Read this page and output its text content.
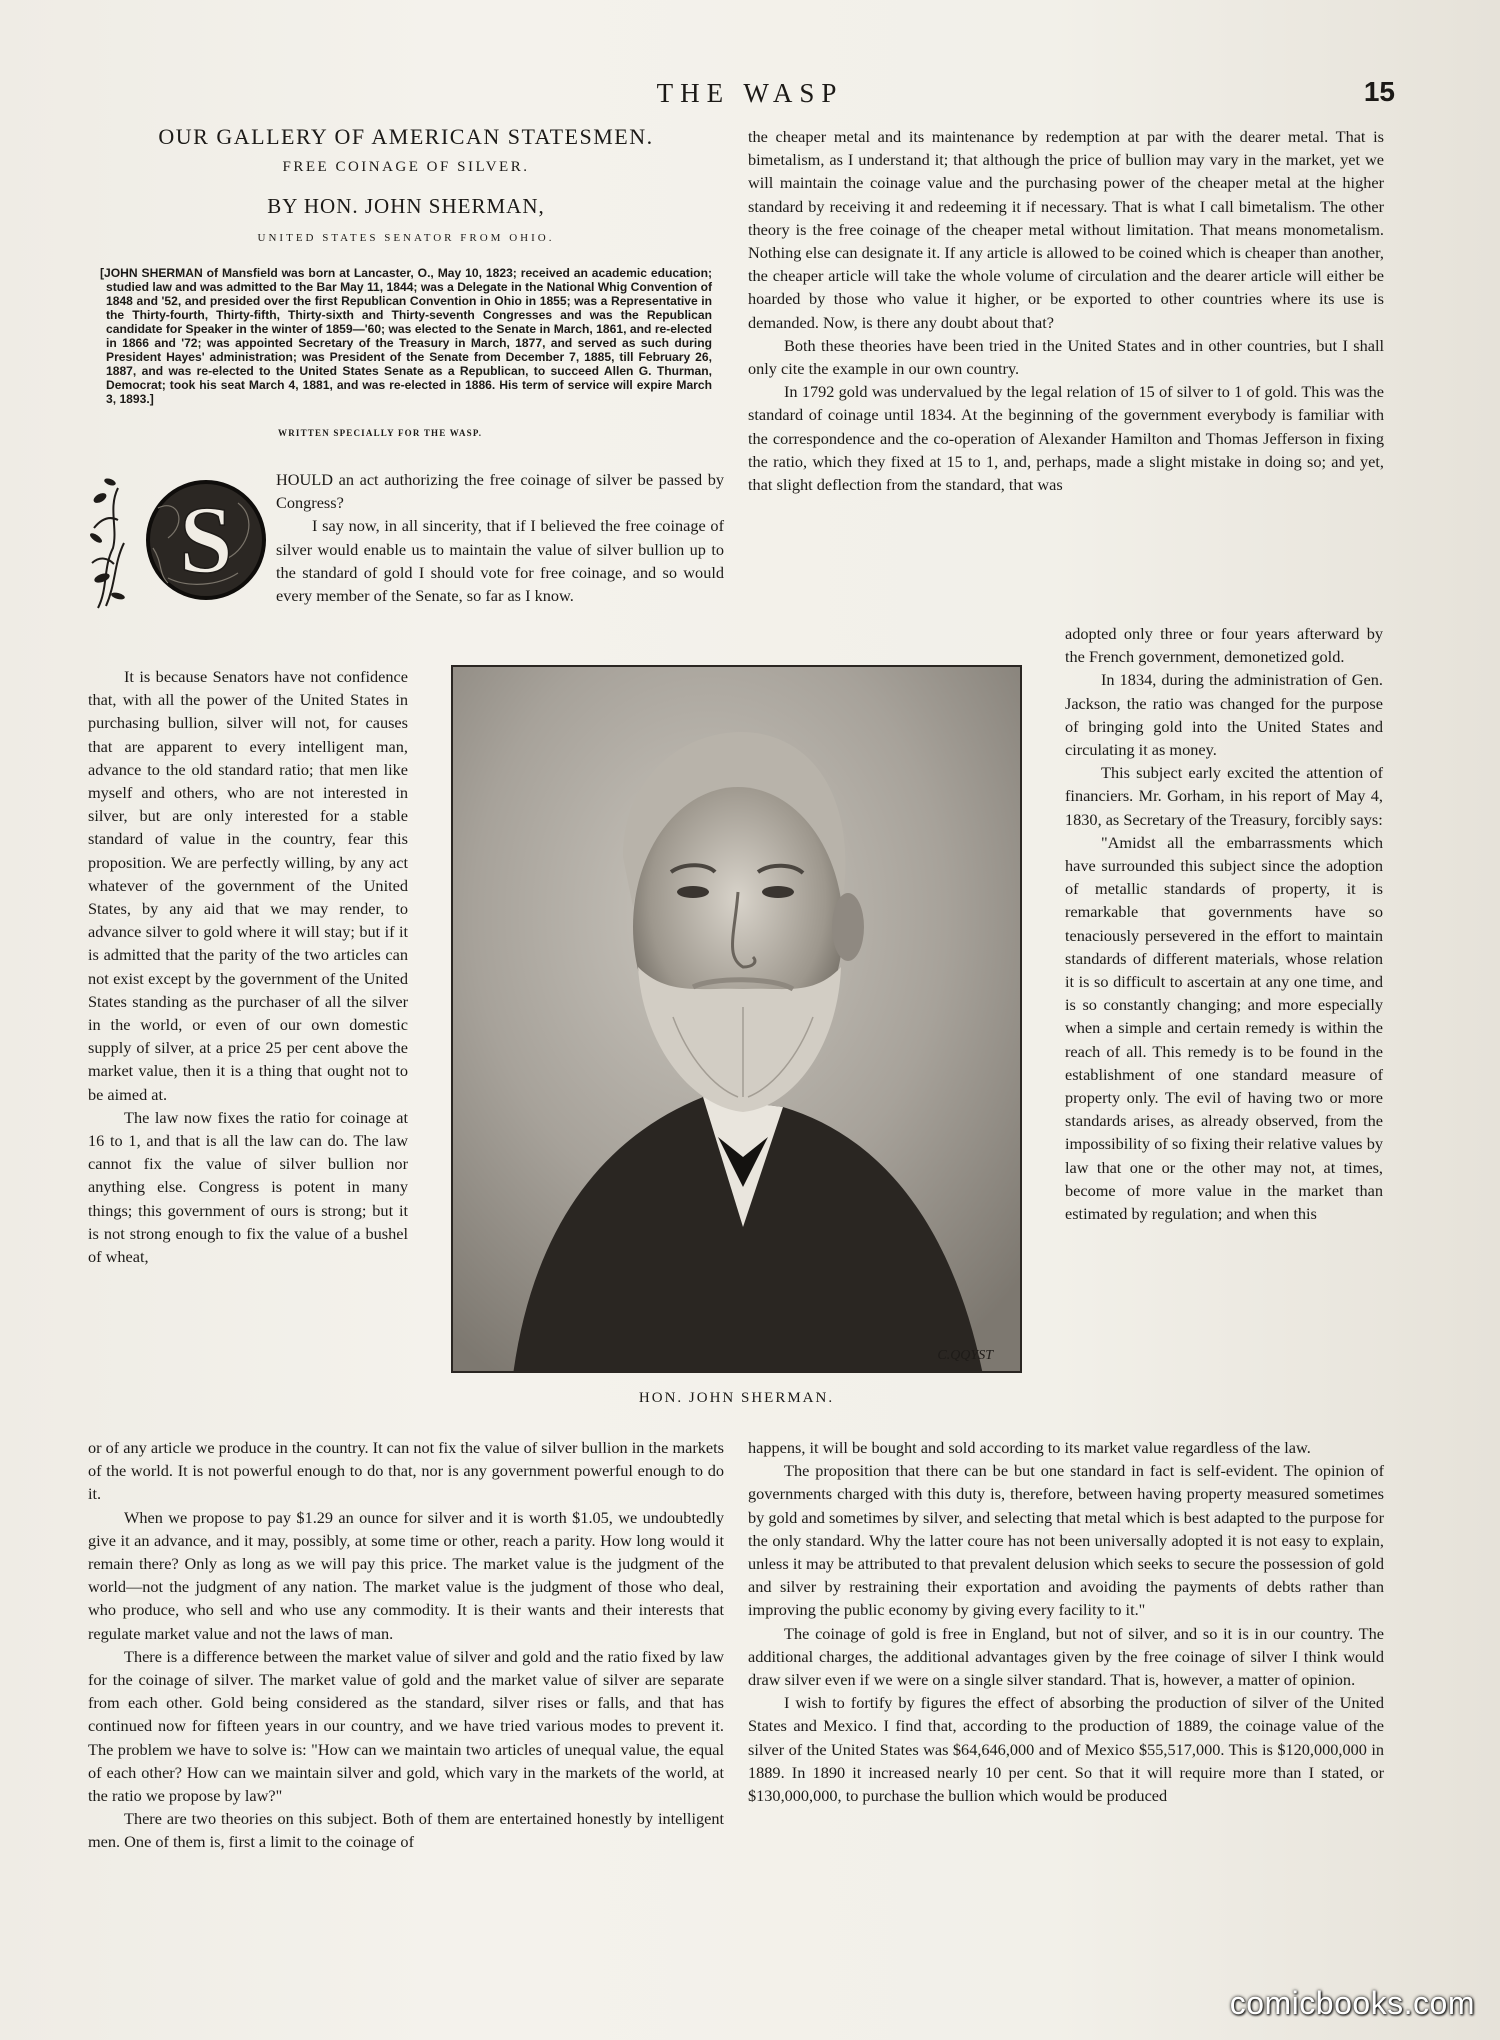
THE WASP	15
OUR GALLERY OF AMERICAN STATESMEN.
FREE COINAGE OF SILVER.
BY HON. JOHN SHERMAN,
UNITED STATES SENATOR FROM OHIO.
[JOHN SHERMAN of Mansfield was born at Lancaster, O., May 10, 1823; received an academic education; studied law and was admitted to the Bar May 11, 1844; was a Delegate in the National Whig Convention of 1848 and '52, and presided over the first Republican Convention in Ohio in 1855; was a Representative in the Thirty-fourth, Thirty-fifth, Thirty-sixth and Thirty-seventh Congresses and was the Republican candidate for Speaker in the winter of 1859—'60; was elected to the Senate in March, 1861, and re-elected in 1866 and '72; was appointed Secretary of the Treasury in March, 1877, and served as such during President Hayes' administration; was President of the Senate from December 7, 1885, till February 26, 1887, and was re-elected to the United States Senate as a Republican, to succeed Allen G. Thurman, Democrat; took his seat March 4, 1881, and was re-elected in 1886. His term of service will expire March 3, 1893.]
WRITTEN SPECIALLY FOR THE WASP.
S

HOULD an act authorizing the free coinage of silver be passed by Congress?

I say now, in all sincerity, that if I believed the free coinage of silver would enable us to maintain the value of silver bullion up to the standard of gold I should vote for free coinage, and so would every member of the Senate, so far as I know.

It is because Senators have not confidence that, with all the power of the United States in purchasing bullion, silver will not, for causes that are apparent to every intelligent man, advance to the old standard ratio; that men like myself and others, who are not interested in silver, but are only interested for a stable standard of value in the country, fear this proposition. We are perfectly willing, by any act whatever of the government of the United States, by any aid that we may render, to advance silver to gold where it will stay; but if it is admitted that the parity of the two articles can not exist except by the government of the United States standing as the purchaser of all the silver in the world, or even of our own domestic supply of silver, at a price 25 per cent above the market value, then it is a thing that ought not to be aimed at.

The law now fixes the ratio for coinage at 16 to 1, and that is all the law can do. The law cannot fix the value of silver bullion nor anything else. Congress is potent in many things; this government of ours is strong; but it is not strong enough to fix the value of a bushel of wheat,

C.QQYST
HON. JOHN SHERMAN.

or of any article we produce in the country. It can not fix the value of silver bullion in the markets of the world. It is not powerful enough to do that, nor is any government powerful enough to do it.

When we propose to pay $1.29 an ounce for silver and it is worth $1.05, we undoubtedly give it an advance, and it may, possibly, at some time or other, reach a parity. How long would it remain there? Only as long as we will pay this price. The market value is the judgment of the world—not the judgment of any nation. The market value is the judgment of those who deal, who produce, who sell and who use any commodity. It is their wants and their interests that regulate market value and not the laws of man.

There is a difference between the market value of silver and gold and the ratio fixed by law for the coinage of silver. The market value of gold and the market value of silver are separate from each other. Gold being considered as the standard, silver rises or falls, and that has continued now for fifteen years in our country, and we have tried various modes to prevent it. The problem we have to solve is: "How can we maintain two articles of unequal value, the equal of each other? How can we maintain silver and gold, which vary in the markets of the world, at the ratio we propose by law?"

There are two theories on this subject. Both of them are entertained honestly by intelligent men. One of them is, first a limit to the coinage of

the cheaper metal and its maintenance by redemption at par with the dearer metal. That is bimetalism, as I understand it; that although the price of bullion may vary in the market, yet we will maintain the coinage value and the purchasing power of the cheaper metal at the higher standard by receiving it and redeeming it if necessary. That is what I call bimetalism. The other theory is the free coinage of the cheaper metal without limitation. That means monometalism. Nothing else can designate it. If any article is allowed to be coined which is cheaper than another, the cheaper article will take the whole volume of circulation and the dearer article will either be hoarded by those who value it higher, or be exported to other countries where its use is demanded. Now, is there any doubt about that?

Both these theories have been tried in the United States and in other countries, but I shall only cite the example in our own country.

In 1792 gold was undervalued by the legal relation of 15 of silver to 1 of gold. This was the standard of coinage until 1834. At the beginning of the government everybody is familiar with the correspondence and the co-operation of Alexander Hamilton and Thomas Jefferson in fixing the ratio, which they fixed at 15 to 1, and, perhaps, made a slight mistake in doing so; and yet, that slight deflection from the standard, that was

adopted only three or four years afterward by the French government, demonetized gold.

In 1834, during the administration of Gen. Jackson, the ratio was changed for the purpose of bringing gold into the United States and circulating it as money.

This subject early excited the attention of financiers. Mr. Gorham, in his report of May 4, 1830, as Secretary of the Treasury, forcibly says:

"Amidst all the embarrassments which have surrounded this subject since the adoption of metallic standards of property, it is remarkable that governments have so tenaciously persevered in the effort to maintain standards of different materials, whose relation it is so difficult to ascertain at any one time, and is so constantly changing; and more especially when a simple and certain remedy is within the reach of all. This remedy is to be found in the establishment of one standard measure of property only. The evil of having two or more standards arises, as already observed, from the impossibility of so fixing their relative values by law that one or the other may not, at times, become of more value in the market than estimated by regulation; and when this

happens, it will be bought and sold according to its market value regardless of the law.

The proposition that there can be but one standard in fact is self-evident. The opinion of governments charged with this duty is, therefore, between having property measured sometimes by gold and sometimes by silver, and selecting that metal which is best adapted to the purpose for the only standard. Why the latter coure has not been universally adopted it is not easy to explain, unless it may be attributed to that prevalent delusion which seeks to secure the possession of gold and silver by restraining their exportation and avoiding the payments of debts rather than improving the public economy by giving every facility to it."

The coinage of gold is free in England, but not of silver, and so it is in our country. The additional charges, the additional advantages given by the free coinage of silver I think would draw silver even if we were on a single silver standard. That is, however, a matter of opinion.

I wish to fortify by figures the effect of absorbing the production of silver of the United States and Mexico. I find that, according to the production of 1889, the coinage value of the silver of the United States was $64,646,000 and of Mexico $55,517,000. This is $120,000,000 in 1889. In 1890 it increased nearly 10 per cent. So that it will require more than I stated, or $130,000,000, to purchase the bullion which would be produced

comicbooks.com
